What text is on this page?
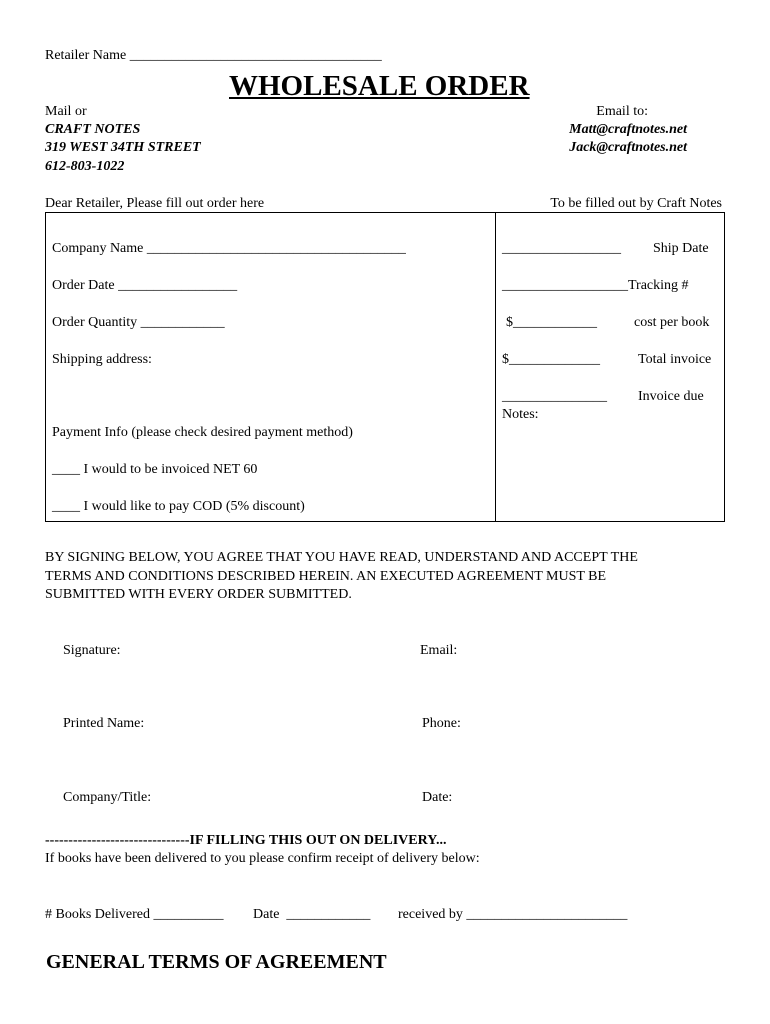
Retailer Name ____________________________________
WHOLESALE ORDER
Mail or
CRAFT NOTES
319 WEST 34TH STREET
612-803-1022
Email to:
Matt@craftnotes.net
Jack@craftnotes.net
Dear Retailer, Please fill out order here	To be filled out by Craft Notes
Company Name _____________________________________
Order Date _________________
Order Quantity ____________
Shipping address:
Payment Info (please check desired payment method)
____ I would to be invoiced NET 60
____ I would like to pay COD (5% discount)
_________________ Ship Date
__________________Tracking #
$____________	cost per book
$_____________	Total invoice
_______________ Invoice due
Notes:
BY SIGNING BELOW, YOU AGREE THAT YOU HAVE READ, UNDERSTAND AND ACCEPT THE
TERMS AND CONDITIONS DESCRIBED HEREIN. AN EXECUTED AGREEMENT MUST BE
SUBMITTED WITH EVERY ORDER SUBMITTED.
Signature:	Email:
Printed Name:	Phone:
Company/Title:	Date:
-------------------------------IF FILLING THIS OUT ON DELIVERY...
If books have been delivered to you please confirm receipt of delivery below:
# Books Delivered __________ Date  ____________ received by _______________________
GENERAL TERMS OF AGREEMENT
